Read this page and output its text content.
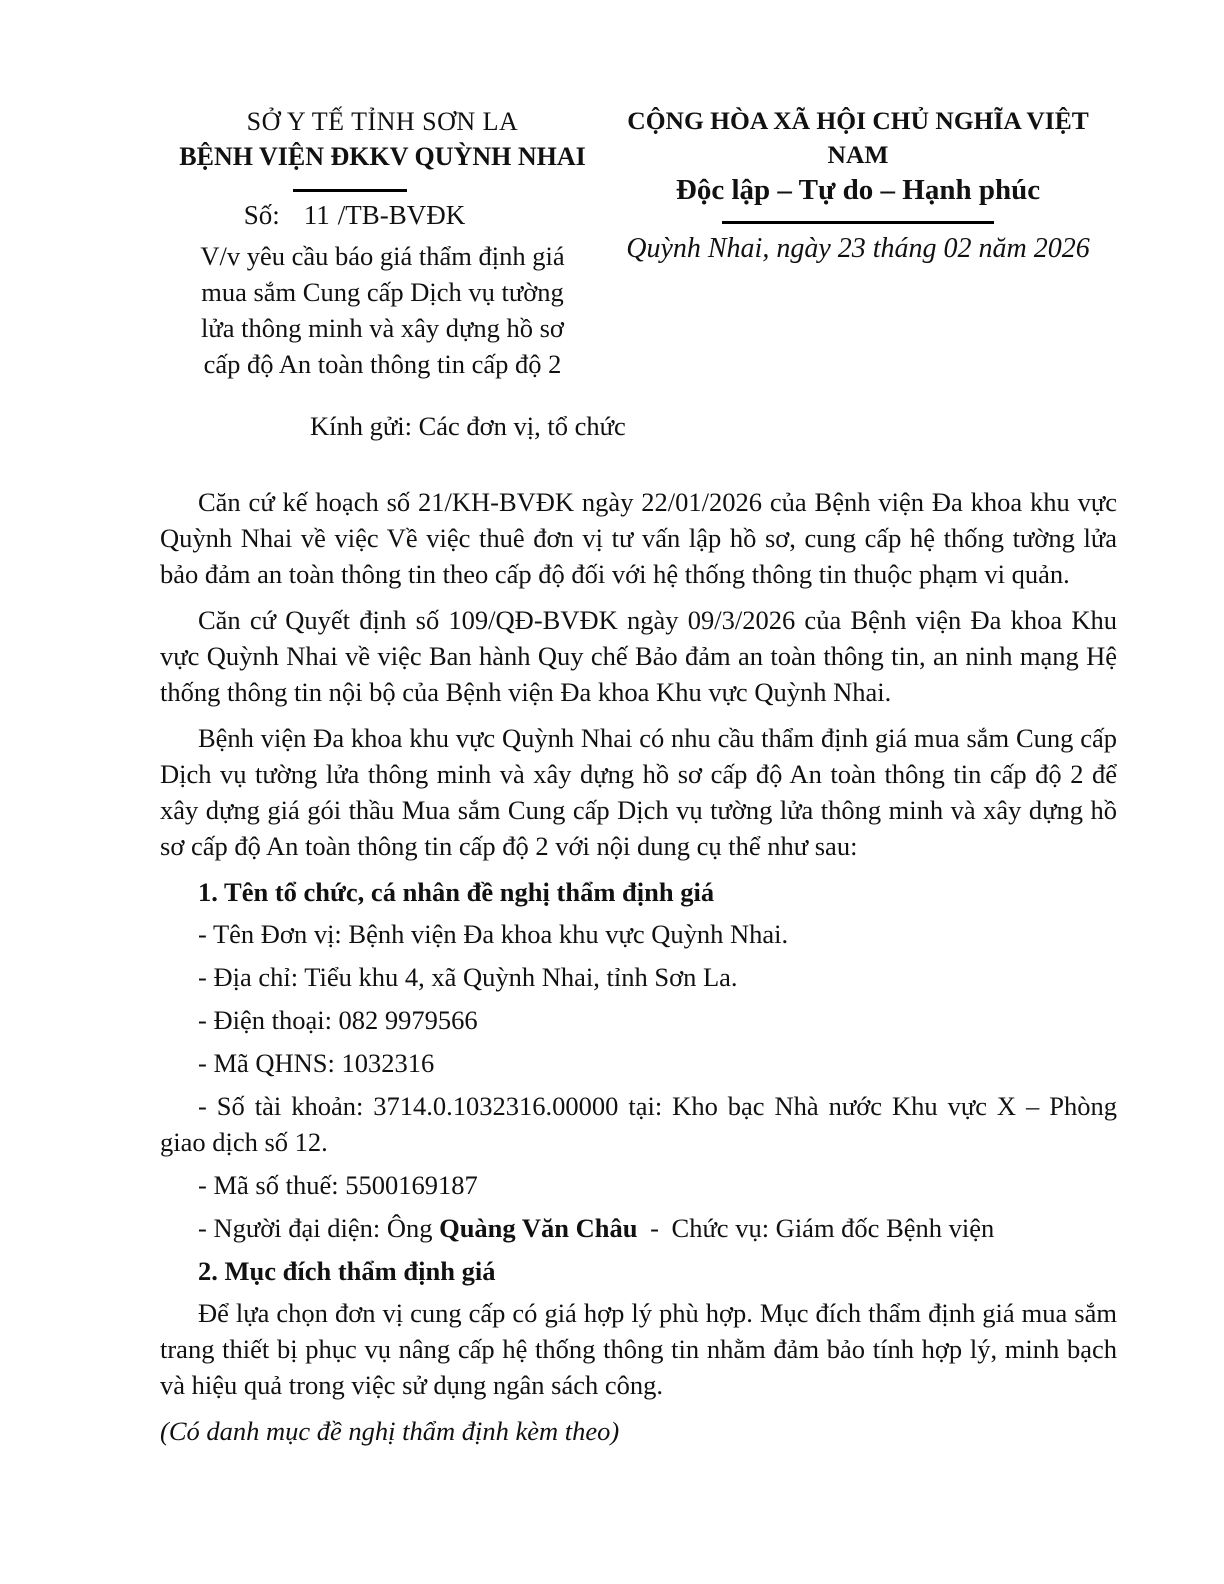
SỞ Y TẾ TỈNH SƠN LA
BỆNH VIỆN ĐKKV QUỲNH NHAI
Số: 11 /TB-BVĐK
V/v yêu cầu báo giá thẩm định giá
mua sắm Cung cấp Dịch vụ tường
lửa thông minh và xây dựng hồ sơ
cấp độ An toàn thông tin cấp độ 2
CỘNG HÒA XÃ HỘI CHỦ NGHĨA VIỆT NAM
Độc lập – Tự do – Hạnh phúc
Quỳnh Nhai, ngày 23 tháng 02 năm 2026
Kính gửi: Các đơn vị, tổ chức

Căn cứ kế hoạch số 21/KH-BVĐK ngày 22/01/2026 của Bệnh viện Đa khoa khu vực Quỳnh Nhai về việc Về việc thuê đơn vị tư vấn lập hồ sơ, cung cấp hệ thống tường lửa bảo đảm an toàn thông tin theo cấp độ đối với hệ thống thông tin thuộc phạm vi quản.

Căn cứ Quyết định số 109/QĐ-BVĐK ngày 09/3/2026 của Bệnh viện Đa khoa Khu vực Quỳnh Nhai về việc Ban hành Quy chế Bảo đảm an toàn thông tin, an ninh mạng Hệ thống thông tin nội bộ của Bệnh viện Đa khoa Khu vực Quỳnh Nhai.

Bệnh viện Đa khoa khu vực Quỳnh Nhai có nhu cầu thẩm định giá mua sắm Cung cấp Dịch vụ tường lửa thông minh và xây dựng hồ sơ cấp độ An toàn thông tin cấp độ 2 để xây dựng giá gói thầu Mua sắm Cung cấp Dịch vụ tường lửa thông minh và xây dựng hồ sơ cấp độ An toàn thông tin cấp độ 2 với nội dung cụ thể như sau:

1. Tên tổ chức, cá nhân đề nghị thẩm định giá

- Tên Đơn vị: Bệnh viện Đa khoa khu vực Quỳnh Nhai.

- Địa chỉ: Tiểu khu 4, xã Quỳnh Nhai, tỉnh Sơn La.

- Điện thoại: 082 9979566

- Mã QHNS: 1032316

- Số tài khoản: 3714.0.1032316.00000 tại: Kho bạc Nhà nước Khu vực X – Phòng giao dịch số 12.

- Mã số thuế: 5500169187

- Người đại diện: Ông Quàng Văn Châu - Chức vụ: Giám đốc Bệnh viện

2. Mục đích thẩm định giá

Để lựa chọn đơn vị cung cấp có giá hợp lý phù hợp. Mục đích thẩm định giá mua sắm trang thiết bị phục vụ nâng cấp hệ thống thông tin nhằm đảm bảo tính hợp lý, minh bạch và hiệu quả trong việc sử dụng ngân sách công.

(Có danh mục đề nghị thẩm định kèm theo)
